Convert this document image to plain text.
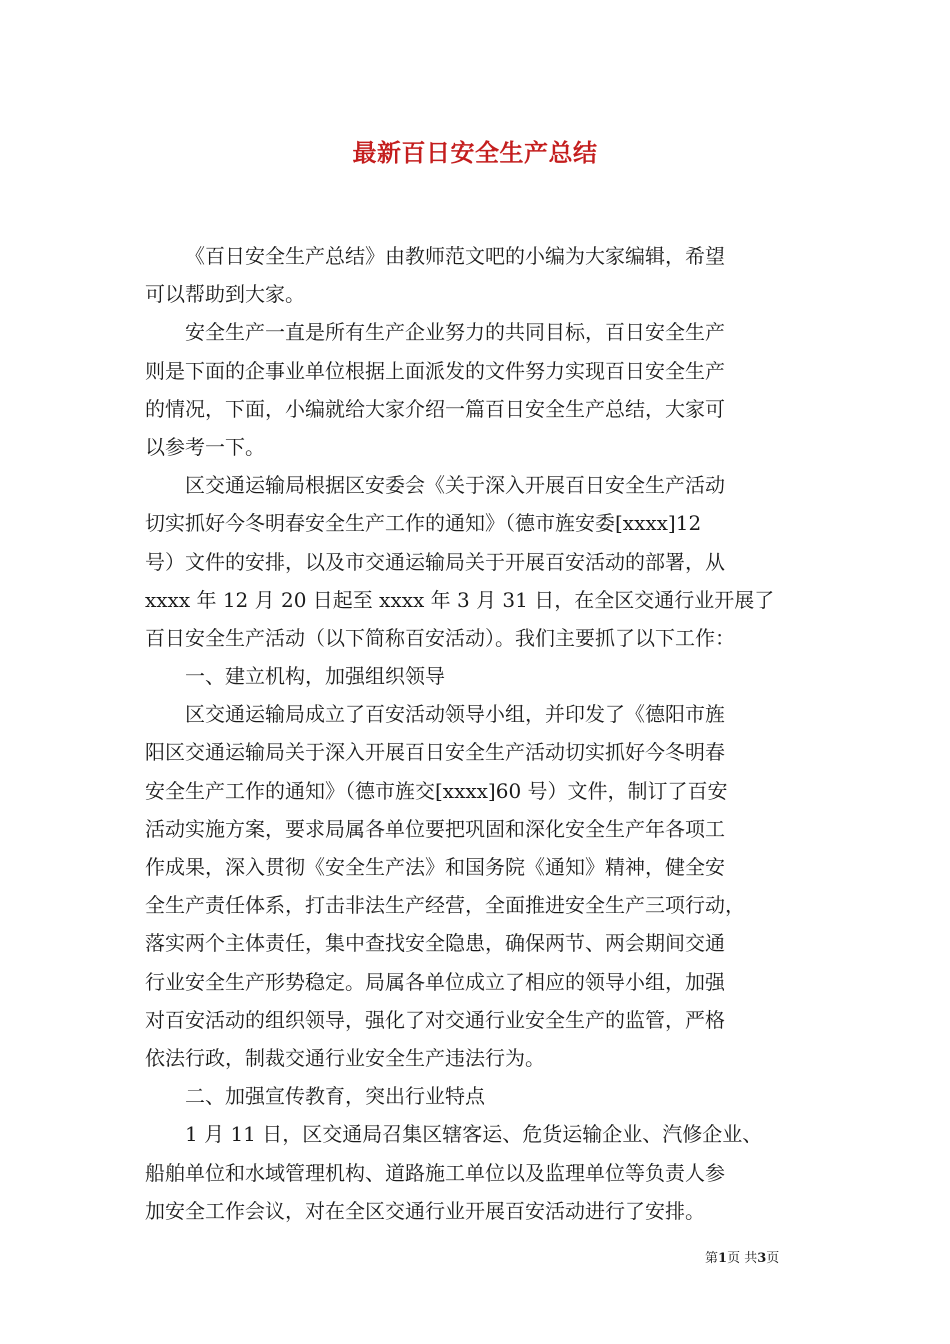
最新百日安全生产总结
《百日安全生产总结》由教师范文吧的小编为大家编辑，希望
可以帮助到大家。
安全生产一直是所有生产企业努力的共同目标，百日安全生产
则是下面的企事业单位根据上面派发的文件努力实现百日安全生产
的情况，下面，小编就给大家介绍一篇百日安全生产总结，大家可
以参考一下。
区交通运输局根据区安委会《关于深入开展百日安全生产活动
切实抓好今冬明春安全生产工作的通知》（德市旌安委[xxxx]12
号）文件的安排，以及市交通运输局关于开展百安活动的部署，从
xxxx 年 12 月 20 日起至 xxxx 年 3 月 31 日，在全区交通行业开展了
百日安全生产活动（以下简称百安活动）。我们主要抓了以下工作：
一、建立机构，加强组织领导
区交通运输局成立了百安活动领导小组，并印发了《德阳市旌
阳区交通运输局关于深入开展百日安全生产活动切实抓好今冬明春
安全生产工作的通知》（德市旌交[xxxx]60 号）文件，制订了百安
活动实施方案，要求局属各单位要把巩固和深化安全生产年各项工
作成果，深入贯彻《安全生产法》和国务院《通知》精神，健全安
全生产责任体系，打击非法生产经营，全面推进安全生产三项行动，
落实两个主体责任，集中查找安全隐患，确保两节、两会期间交通
行业安全生产形势稳定。局属各单位成立了相应的领导小组，加强
对百安活动的组织领导，强化了对交通行业安全生产的监管，严格
依法行政，制裁交通行业安全生产违法行为。
二、加强宣传教育，突出行业特点
1 月 11 日，区交通局召集区辖客运、危货运输企业、汽修企业、
船舶单位和水域管理机构、道路施工单位以及监理单位等负责人参
加安全工作会议，对在全区交通行业开展百安活动进行了安排。
第1页 共3页
